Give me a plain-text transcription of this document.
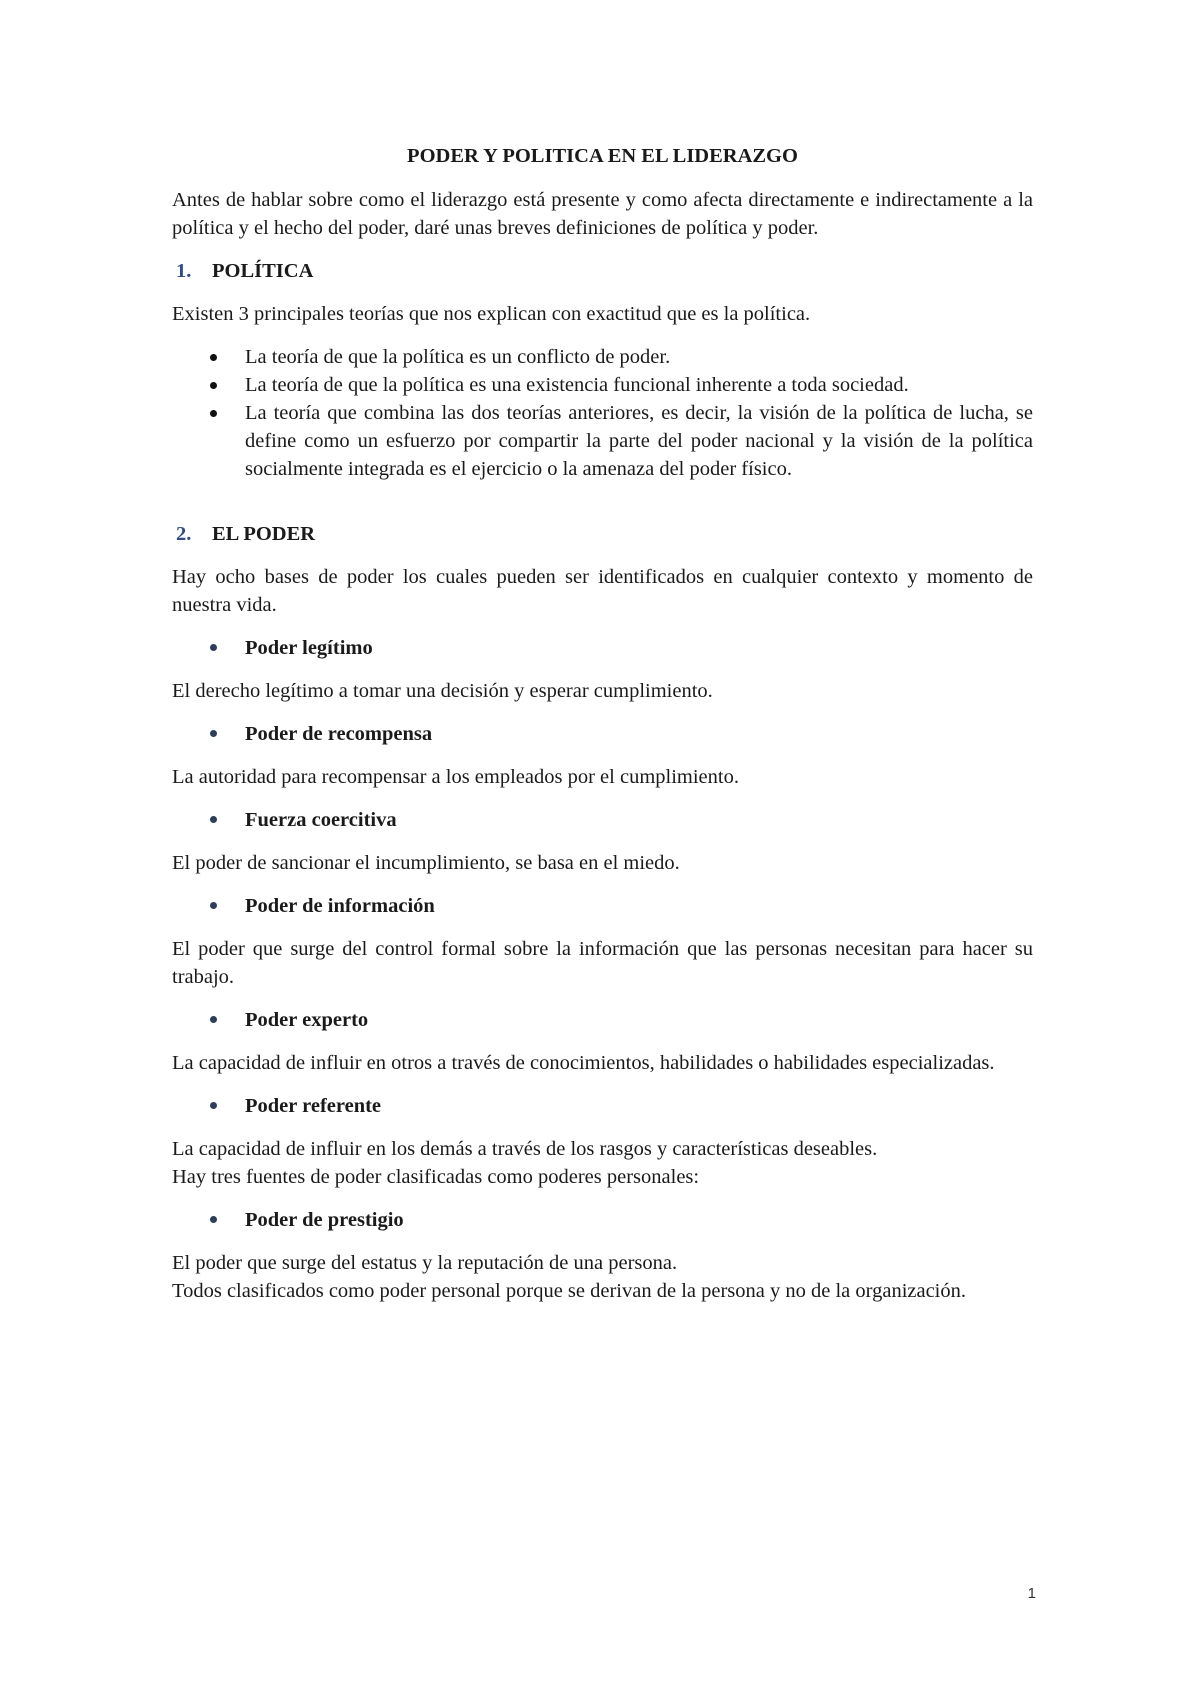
PODER Y POLITICA EN EL LIDERAZGO

Antes de hablar sobre como el liderazgo está presente y como afecta directamente e indirectamente a la política y el hecho del poder, daré unas breves definiciones de política y poder.

1.	POLÍTICA

Existen 3 principales teorías que nos explican con exactitud que es la política.

La teoría de que la política es un conflicto de poder.
La teoría de que la política es una existencia funcional inherente a toda sociedad.
La teoría que combina las dos teorías anteriores, es decir, la visión de la política de lucha, se define como un esfuerzo por compartir la parte del poder nacional y la visión de la política socialmente integrada es el ejercicio o la amenaza del poder físico.
2.	EL PODER

Hay ocho bases de poder los cuales pueden ser identificados en cualquier contexto y momento de nuestra vida.

Poder legítimo

El derecho legítimo a tomar una decisión y esperar cumplimiento.

Poder de recompensa

La autoridad para recompensar a los empleados por el cumplimiento.

Fuerza coercitiva

El poder de sancionar el incumplimiento, se basa en el miedo.

Poder de información

El poder que surge del control formal sobre la información que las personas necesitan para hacer su trabajo.

Poder experto

La capacidad de influir en otros a través de conocimientos, habilidades o habilidades especializadas.

Poder referente

La capacidad de influir en los demás a través de los rasgos y características deseables.
Hay tres fuentes de poder clasificadas como poderes personales:

Poder de prestigio

El poder que surge del estatus y la reputación de una persona.
Todos clasificados como poder personal porque se derivan de la persona y no de la organización.

1
